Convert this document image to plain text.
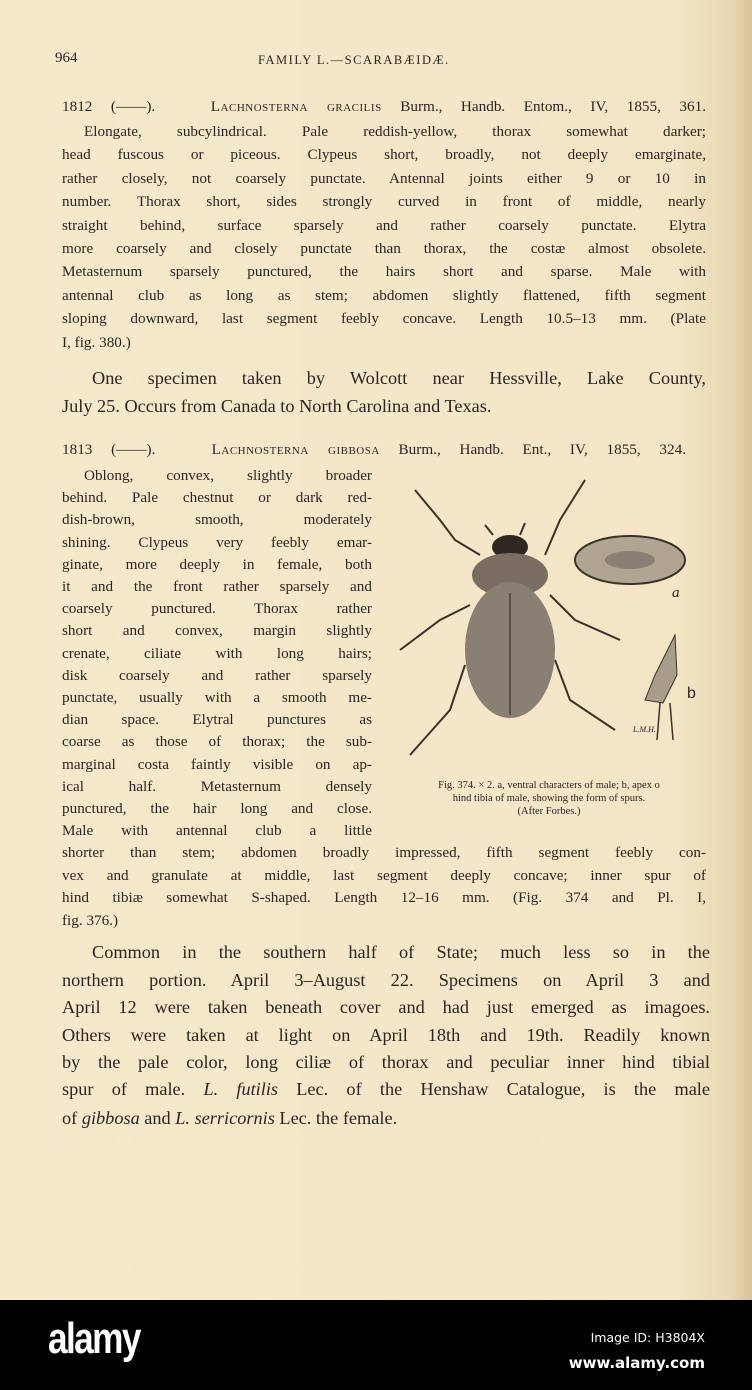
964	FAMILY L.—SCARABÆIDÆ.
1812 (——).	Lachnosterna gracilis Burm., Handb. Entom., IV, 1855, 361.
Elongate, subcylindrical. Pale reddish-yellow, thorax somewhat darker;
head fuscous or piceous. Clypeus short, broadly, not deeply emarginate,
rather closely, not coarsely punctate. Antennal joints either 9 or 10 in
number. Thorax short, sides strongly curved in front of middle, nearly
straight behind, surface sparsely and rather coarsely punctate. Elytra
more coarsely and closely punctate than thorax, the costæ almost obsolete.
Metasternum sparsely punctured, the hairs short and sparse. Male with
antennal club as long as stem; abdomen slightly flattened, fifth segment
sloping downward, last segment feebly concave. Length 10.5–13 mm. (Plate
I, fig. 380.)
One specimen taken by Wolcott near Hessville, Lake County,
July 25. Occurs from Canada to North Carolina and Texas.
1813 (——).	Lachnosterna gibbosa Burm., Handb. Ent., IV, 1855, 324.
Oblong, convex, slightly broader
behind. Pale chestnut or dark red-
dish-brown, smooth, moderately
shining. Clypeus very feebly emar-
ginate, more deeply in female, both
it and the front rather sparsely and
coarsely punctured. Thorax rather
short and convex, margin slightly
crenate, ciliate with long hairs;
disk coarsely and rather sparsely
punctate, usually with a smooth me-
dian space. Elytral punctures as
coarse as those of thorax; the sub-
marginal costa faintly visible on ap-
ical half. Metasternum densely
punctured, the hair long and close.
Male with antennal club a little
shorter than stem; abdomen broadly impressed, fifth segment feebly con-
vex and granulate at middle, last segment deeply concave; inner spur of
hind tibiæ somewhat S-shaped. Length 12–16 mm. (Fig. 374 and Pl. I,
fig. 376.)
a
b
L.M.H.
Fig. 374. × 2. a, ventral characters of male; b, apex o
hind tibia of male, showing the form of spurs.
(After Forbes.)
Common in the southern half of State; much less so in the
northern portion. April 3–August 22. Specimens on April 3 and
April 12 were taken beneath cover and had just emerged as imagoes.
Others were taken at light on April 18th and 19th. Readily known
by the pale color, long ciliæ of thorax and peculiar inner hind tibial
spur of male. L. futilis Lec. of the Henshaw Catalogue, is the male
of gibbosa and L. serricornis Lec. the female.
alamy	Image ID: H3804X
www.alamy.com
